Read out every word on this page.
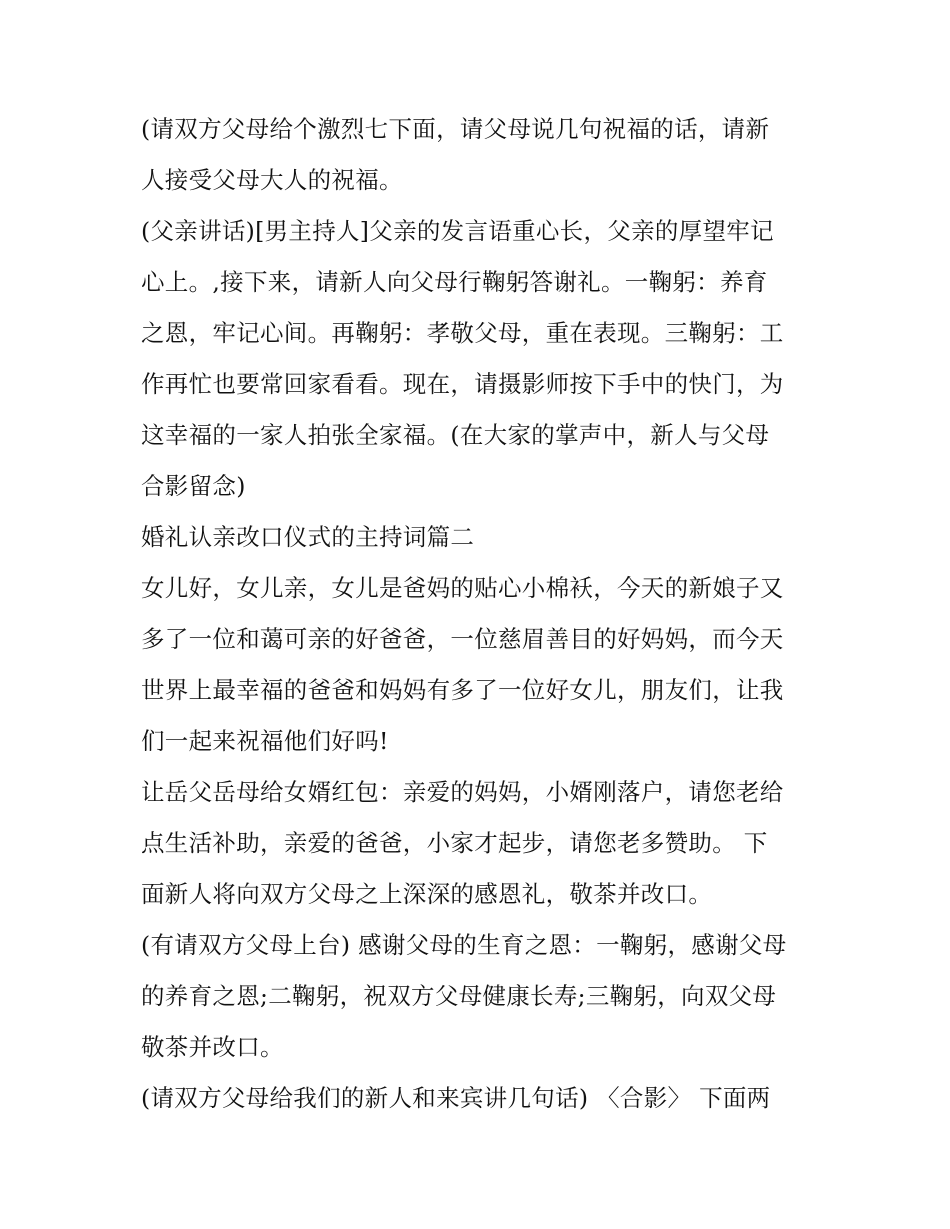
(请双方父母给个激烈七下面，请父母说几句祝福的话，请新
人接受父母大人的祝福。
(父亲讲话)[男主持人]父亲的发言语重心长，父亲的厚望牢记
心上。,接下来，请新人向父母行鞠躬答谢礼。一鞠躬：养育
之恩，牢记心间。再鞠躬：孝敬父母，重在表现。三鞠躬：工
作再忙也要常回家看看。现在，请摄影师按下手中的快门，为
这幸福的一家人拍张全家福。(在大家的掌声中，新人与父母
合影留念)
婚礼认亲改口仪式的主持词篇二
女儿好，女儿亲，女儿是爸妈的贴心小棉袄，今天的新娘子又
多了一位和蔼可亲的好爸爸，一位慈眉善目的好妈妈，而今天
世界上最幸福的爸爸和妈妈有多了一位好女儿，朋友们，让我
们一起来祝福他们好吗!
让岳父岳母给女婿红包：亲爱的妈妈，小婿刚落户，请您老给
点生活补助，亲爱的爸爸，小家才起步，请您老多赞助。 下
面新人将向双方父母之上深深的感恩礼，敬茶并改口。
(有请双方父母上台) 感谢父母的生育之恩：一鞠躬，感谢父母
的养育之恩;二鞠躬，祝双方父母健康长寿;三鞠躬，向双父母
敬茶并改口。
(请双方父母给我们的新人和来宾讲几句话) 〈合影〉 下面两
